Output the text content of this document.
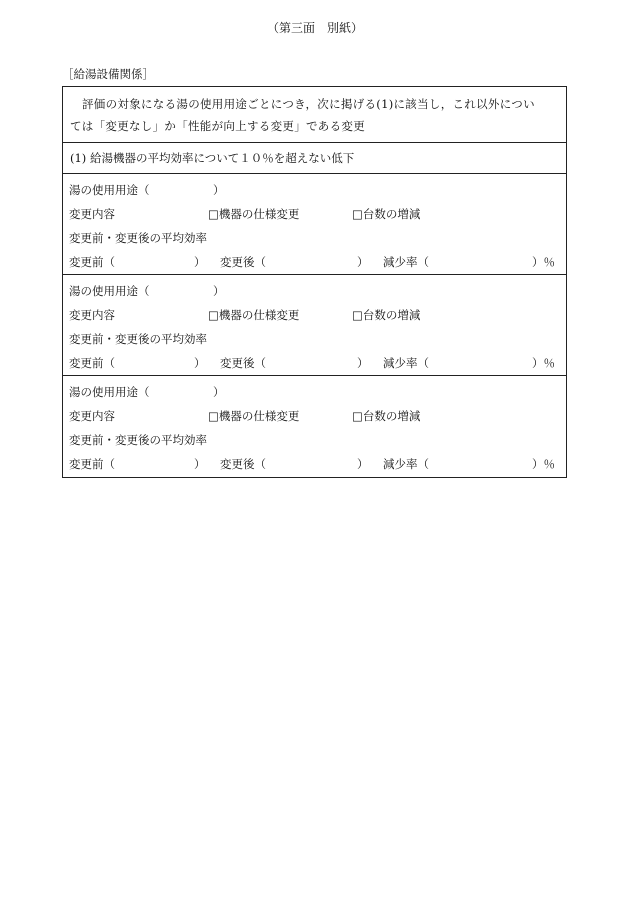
（第三面　別紙）
［給湯設備関係］
評価の対象になる湯の使用用途ごとにつき，次に掲げる(1)に該当し，これ以外につい
ては「変更なし」か「性能が向上する変更」である変更
(1) 給湯機器の平均効率について１０％を超えない低下
湯の使用用途（	）
変更内容	□機器の仕様変更	□台数の増減
変更前・変更後の平均効率
変更前（	） 変更後（	） 減少率（	）％
湯の使用用途（	）
変更内容	□機器の仕様変更	□台数の増減
変更前・変更後の平均効率
変更前（	） 変更後（	） 減少率（	）％
湯の使用用途（	）
変更内容	□機器の仕様変更	□台数の増減
変更前・変更後の平均効率
変更前（	） 変更後（	） 減少率（	）％
